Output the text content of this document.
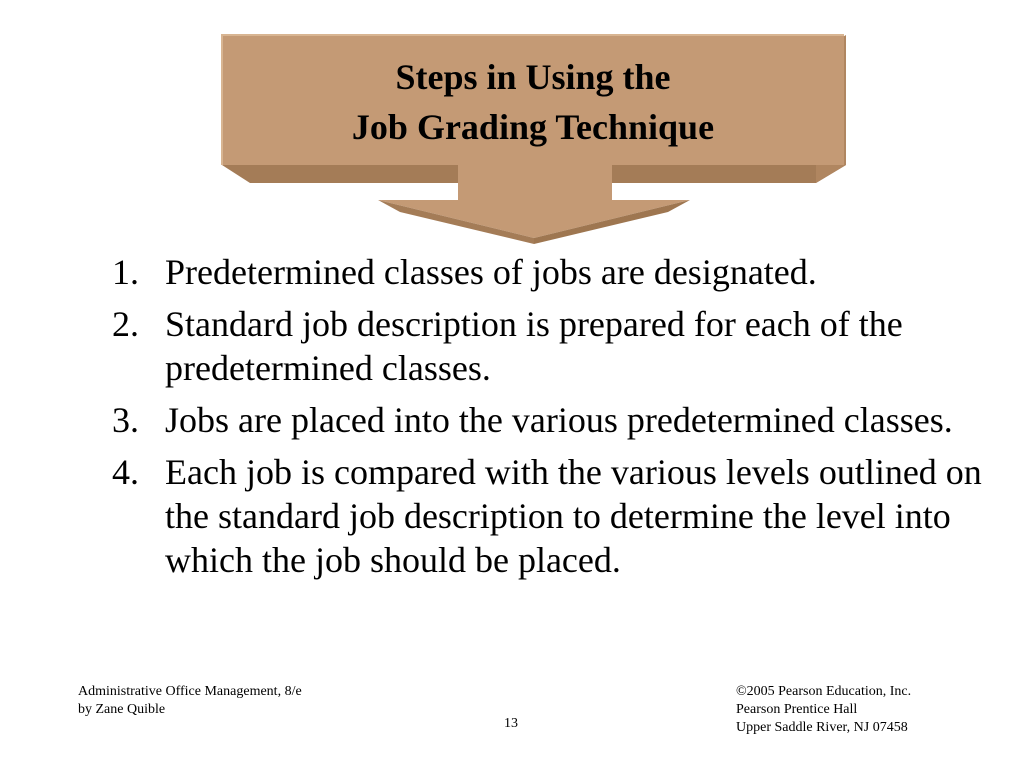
Steps in Using the
Job Grading Technique
1. Predetermined classes of jobs are designated.
2. Standard job description is prepared for each of the predetermined classes.
3. Jobs are placed into the various predetermined classes.
4. Each job is compared with the various levels outlined on the standard job description to determine the level into which the job should be placed.
Administrative Office Management, 8/e
by Zane Quible
13
©2005 Pearson Education, Inc.
Pearson Prentice Hall
Upper Saddle River, NJ 07458
